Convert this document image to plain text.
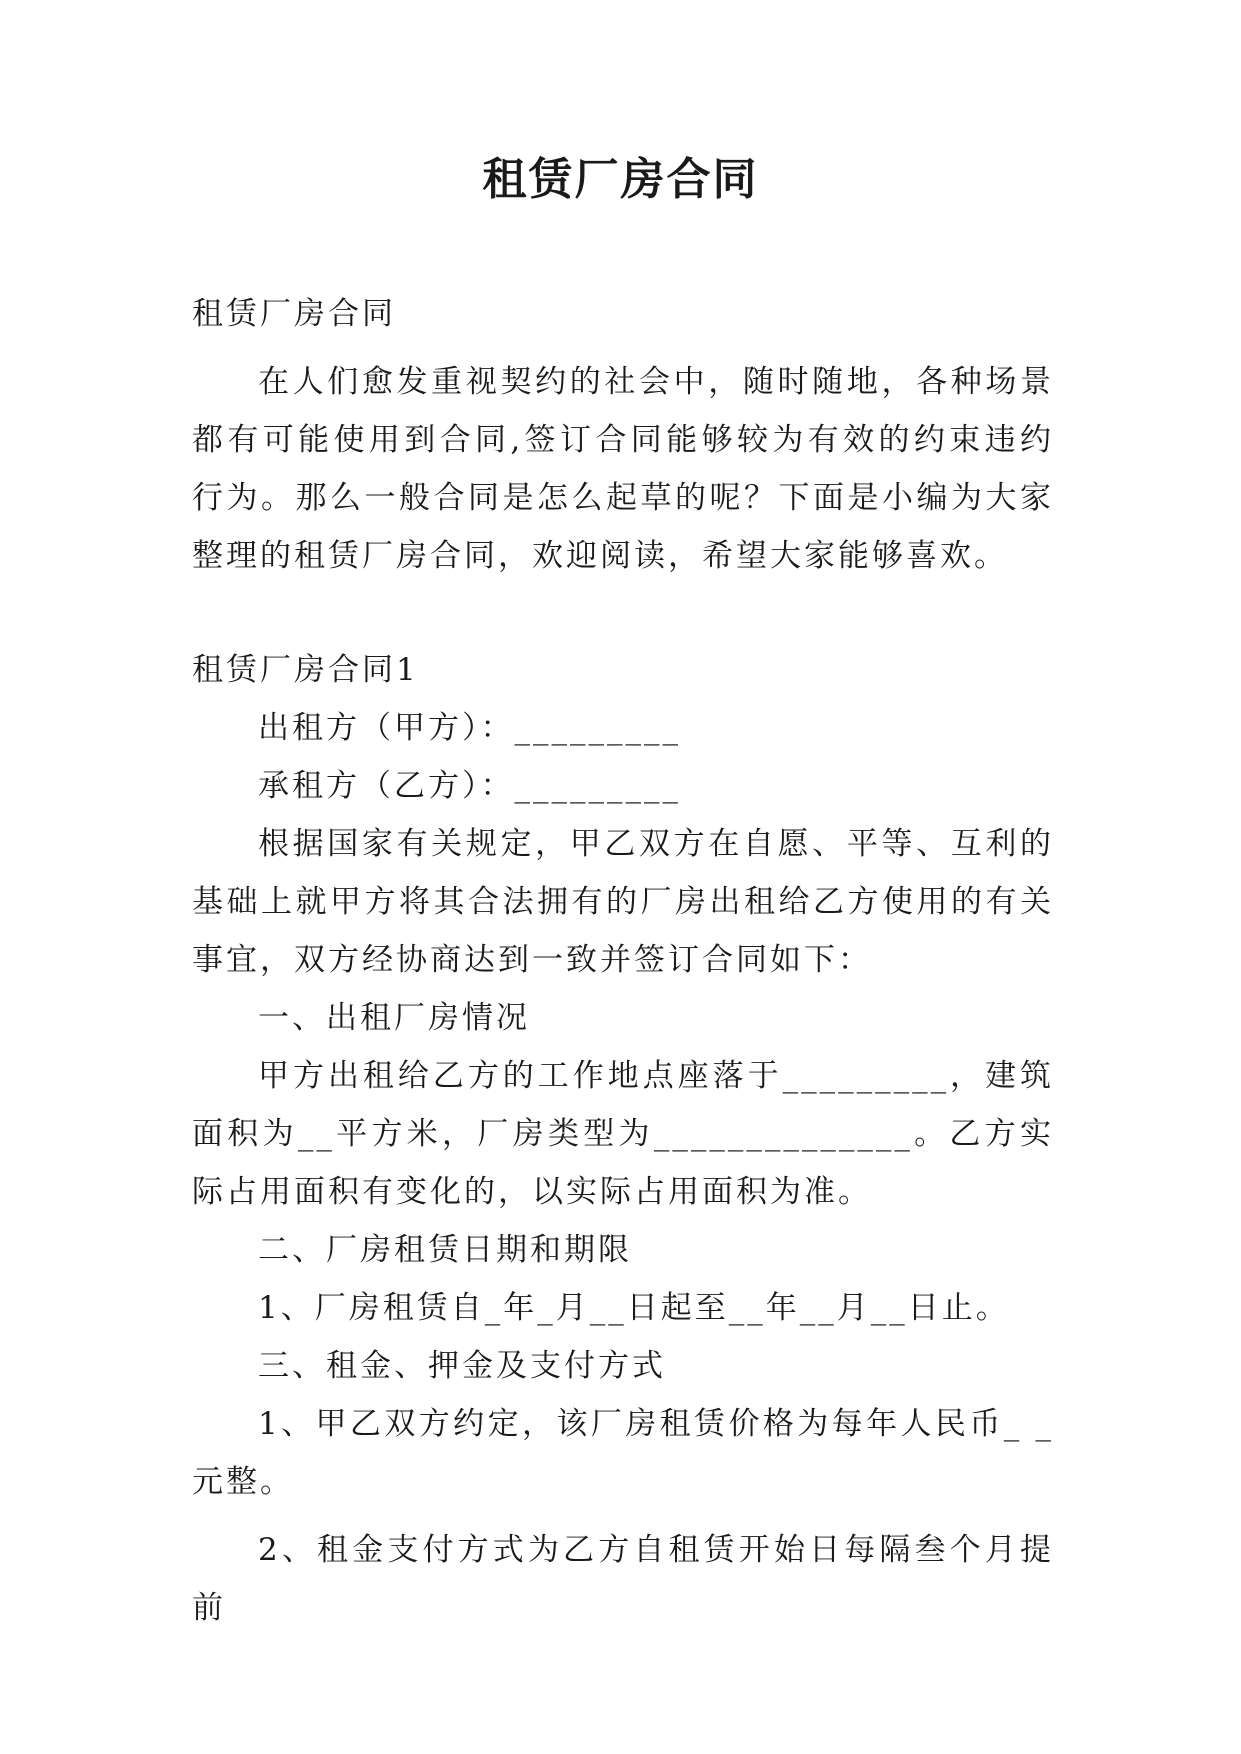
租赁厂房合同

租赁厂房合同

在人们愈发重视契约的社会中，随时随地，各种场景都有可能使用到合同,签订合同能够较为有效的约束违约行为。那么一般合同是怎么起草的呢？下面是小编为大家整理的租赁厂房合同，欢迎阅读，希望大家能够喜欢。

租赁厂房合同1

出租方（甲方）：_________

承租方（乙方）：_________

根据国家有关规定，甲乙双方在自愿、平等、互利的基础上就甲方将其合法拥有的厂房出租给乙方使用的有关事宜，双方经协商达到一致并签订合同如下：

一、出租厂房情况

甲方出租给乙方的工作地点座落于_________，建筑面积为__平方米，厂房类型为______________。乙方实际占用面积有变化的，以实际占用面积为准。

二、厂房租赁日期和期限

1、厂房租赁自_年_月__日起至__年__月__日止。

三、租金、押金及支付方式

1、甲乙双方约定，该厂房租赁价格为每年人民币_ _元整。

2、租金支付方式为乙方自租赁开始日每隔叁个月提前
